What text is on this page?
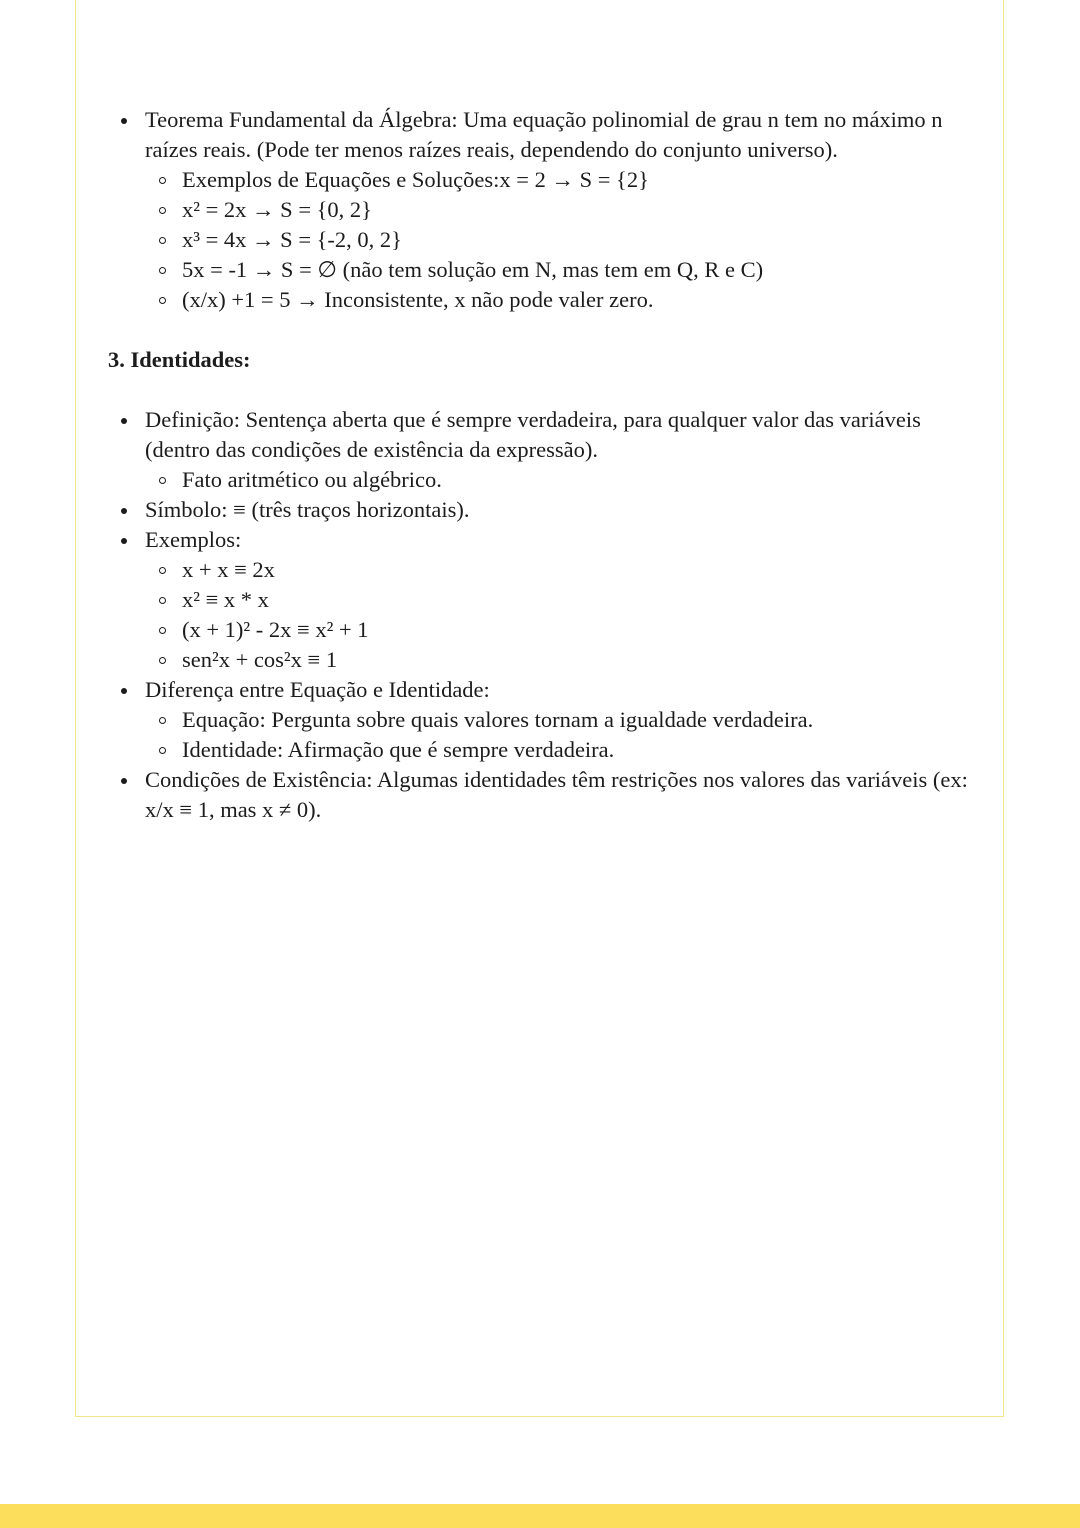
Teorema Fundamental da Álgebra: Uma equação polinomial de grau n tem no máximo n raízes reais. (Pode ter menos raízes reais, dependendo do conjunto universo).
Exemplos de Equações e Soluções:x = 2 → S = {2}
x² = 2x → S = {0, 2}
x³ = 4x → S = {-2, 0, 2}
5x = -1 → S = ∅ (não tem solução em N, mas tem em Q, R e C)
(x/x) +1 = 5 → Inconsistente, x não pode valer zero.
3. Identidades:
Definição: Sentença aberta que é sempre verdadeira, para qualquer valor das variáveis (dentro das condições de existência da expressão).
Fato aritmético ou algébrico.
Símbolo: ≡ (três traços horizontais).
Exemplos:
x + x ≡ 2x
x² ≡ x * x
(x + 1)² - 2x ≡ x² + 1
sen²x + cos²x ≡ 1
Diferença entre Equação e Identidade:
Equação: Pergunta sobre quais valores tornam a igualdade verdadeira.
Identidade: Afirmação que é sempre verdadeira.
Condições de Existência: Algumas identidades têm restrições nos valores das variáveis (ex: x/x ≡ 1, mas x ≠ 0).
